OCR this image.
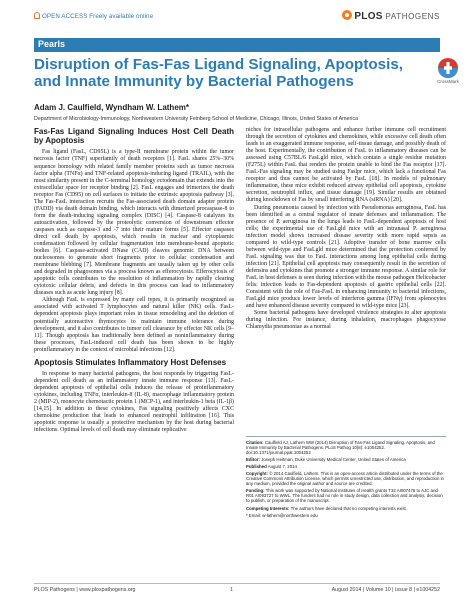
OPEN ACCESS Freely available online	PLOS PATHOGENS
Pearls
CrossMark
Disruption of Fas-Fas Ligand Signaling, Apoptosis, and Innate Immunity by Bacterial Pathogens
Adam J. Caulfield, Wyndham W. Lathem*
Department of Microbiology-Immunology, Northwestern University Feinberg School of Medicine, Chicago, Illinois, United States of America
Fas-Fas Ligand Signaling Induces Host Cell Death by Apoptosis

Fas ligand (FasL, CD95L) is a type-II membrane protein within the tumor necrosis factor (TNF) superfamily of death receptors [1]. FasL shares 25%–30% sequence homology with related family member proteins such as tumor necrosis factor alpha (TNFα) and TNF-related apoptosis-inducing ligand (TRAIL), with the most similarity present in the C-terminal homology ectodomain that extends into the extracellular space for receptor binding [2]. FasL engages and trimerizes the death receptor Fas (CD95) on cell surfaces to initiate the extrinsic apoptosis pathway [3]. The Fas-FasL interaction recruits the Fas-associated death domain adapter protein (FADD) via death domain binding, which interacts with dimerized procaspase-8 to form the death-inducing signaling complex (DISC) [4]. Caspase-8 catalyzes its autoactivation, followed by the proteolytic conversion of downstream effector caspases such as caspase-3 and -7 into their mature forms [5]. Effector caspases direct cell death by apoptosis, which results in nuclear and cytoplasmic condensation followed by cellular fragmentation into membrane-bound apoptotic bodies [6]. Caspase-activated DNase (CAD) cleaves genomic DNA between nucleosomes to generate short fragments prior to cellular condensation and membrane blebbing [7]. Membrane fragments are usually taken up by other cells and degraded in phagosomes via a process known as efferocytosis. Efferocytosis of apoptotic cells contributes to the resolution of inflammation by rapidly clearing cytotoxic cellular debris, and defects in this process can lead to inflammatory diseases such as acute lung injury [8].

Although FasL is expressed by many cell types, it is primarily recognized as associated with activated T lymphocytes and natural killer (NK) cells. FasL-dependent apoptosis plays important roles in tissue remodeling and the deletion of potentially autoreactive thymocytes to maintain immune tolerance during development, and it also contributes to tumor cell clearance by effector NK cells [9–11]. Though apoptosis has traditionally been defined as noninflammatory during these processes, FasL-induced cell death has been shown to be highly proinflammatory in the context of microbial infections [12].

Apoptosis Stimulates Inflammatory Host Defenses

In response to many bacterial pathogens, the host responds by triggering FasL-dependent cell death as an inflammatory innate immune response [13]. FasL-dependent apoptosis of epithelial cells induces the release of proinflammatory cytokines, including TNFα, interleukin-8 (IL-8), macrophage inflammatory protein 2 (MIP-2), monocyte chemotactic protein 1 (MCP-1), and interleukin-1 beta (IL-1β) [14,15]. In addition to these cytokines, Fas signaling positively affects CXC chemokine production that leads to enhanced neutrophil infiltration [16]. This apoptotic response is usually a protective mechanism by the host during bacterial infections. Optimal levels of cell death may eliminate replicative

niches for intracellular pathogens and enhance further immune cell recruitment through the secretion of cytokines and chemokines, while excessive cell death often leads to an exaggerated immune response, self-tissue damage, and possibly death of the host. Experimentally, the contribution of FasL to inflammatory diseases can be assessed using C57BL/6 FasLgld mice, which contain a single residue mutation (F275L) within FasL that renders the protein unable to bind the Fas receptor [17]. FasL-Fas signaling may be studied using Faslpr mice, which lack a functional Fas receptor and thus cannot be activated by FasL [18]. In models of pulmonary inflammation, these mice exhibit reduced airway epithelial cell apoptosis, cytokine secretion, neutrophil influx, and tissue damage [19]. Similar results are obtained during knockdown of Fas by small interfering RNA (siRNA) [20].

During pneumonia caused by infection with Pseudomonas aeruginosa, FasL has been identified as a central regulator of innate defenses and inflammation. The presence of P. aeruginosa in the lungs leads to FasL-dependent apoptosis of host cells; the experimental use of FasLgld mice with an intranasal P. aeruginosa infection model shows increased disease severity with more rapid sepsis as compared to wild-type controls [21]. Adoptive transfer of bone marrow cells between wild-type and FasLgld mice determined that the protection conferred by FasL signaling was due to FasL interactions among lung epithelial cells during infection [21]. Epithelial cell apoptosis may consequently result in the secretion of defensins and cytokines that promote a stronger immune response. A similar role for FasL in host defenses is seen during infection with the mouse pathogen Helicobacter felis: infection leads to Fas-dependent apoptosis of gastric epithelial cells [22]. Consistent with the role of Fas-FasL in enhancing immunity to bacterial infections, FasLgld mice produce lower levels of interferon gamma (IFNγ) from splenocytes and have enhanced disease severity compared to wild-type mice [23].

Some bacterial pathogens have developed virulence strategies to alter apoptosis during infection. For instance, during inhalation, macrophages phagocytose Chlamydia pneumoniae as a normal

Citation: Caulfield AJ, Lathem WW (2014) Disruption of Fas-Fas Ligand Signaling, Apoptosis, and Innate Immunity by Bacterial Pathogens. PLoS Pathog 10(8): e1004252. doi:10.1371/journal.ppat.1004252

Editor: Joseph Heitman, Duke University Medical Center, United States of America

Published August 7, 2014

Copyright: © 2014 Caulfield, Lathem. This is an open-access article distributed under the terms of the Creative Commons Attribution License, which permits unrestricted use, distribution, and reproduction in any medium, provided the original author and source are credited.

Funding: This work was supported by National Institutes of Health grants T32 AI007476 to AJC and R01 AI093727 to WWL. The funders had no role in study design, data collection and analysis, decision to publish, or preparation of the manuscript.

Competing Interests: The authors have declared that no competing interests exist.

* Email: w-lathem@northwestern.edu

PLOS Pathogens | www.plospathogens.org	1	August 2014 | Volume 10 | Issue 8 | e1004252
